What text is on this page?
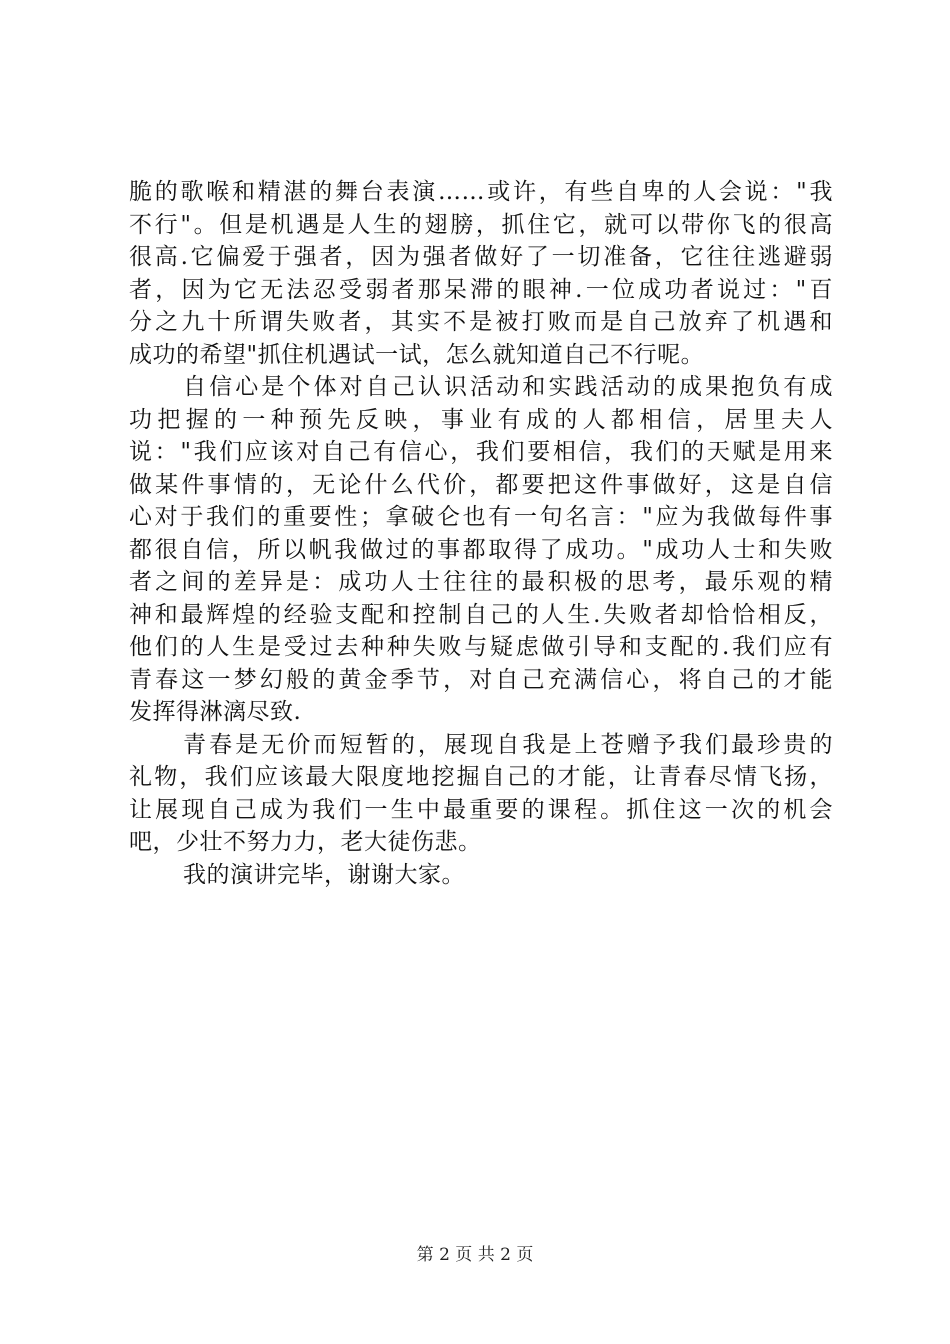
脆的歌喉和精湛的舞台表演……或许，有些自卑的人会说："我
不行"。但是机遇是人生的翅膀，抓住它，就可以带你飞的很高
很高.它偏爱于强者，因为强者做好了一切准备，它往往逃避弱
者，因为它无法忍受弱者那呆滞的眼神.一位成功者说过："百
分之九十所谓失败者，其实不是被打败而是自己放弃了机遇和
成功的希望"抓住机遇试一试，怎么就知道自己不行呢。
自信心是个体对自己认识活动和实践活动的成果抱负有成
功把握的一种预先反映，事业有成的人都相信，居里夫人
说："我们应该对自己有信心，我们要相信，我们的天赋是用来
做某件事情的，无论什么代价，都要把这件事做好，这是自信
心对于我们的重要性；拿破仑也有一句名言："应为我做每件事
都很自信，所以帆我做过的事都取得了成功。"成功人士和失败
者之间的差异是：成功人士往往的最积极的思考，最乐观的精
神和最辉煌的经验支配和控制自己的人生.失败者却恰恰相反，
他们的人生是受过去种种失败与疑虑做引导和支配的.我们应有
青春这一梦幻般的黄金季节，对自己充满信心，将自己的才能
发挥得淋漓尽致.
青春是无价而短暂的，展现自我是上苍赠予我们最珍贵的
礼物，我们应该最大限度地挖掘自己的才能，让青春尽情飞扬，
让展现自己成为我们一生中最重要的课程。抓住这一次的机会
吧，少壮不努力力，老大徒伤悲。
我的演讲完毕，谢谢大家。
第 2 页 共 2 页
